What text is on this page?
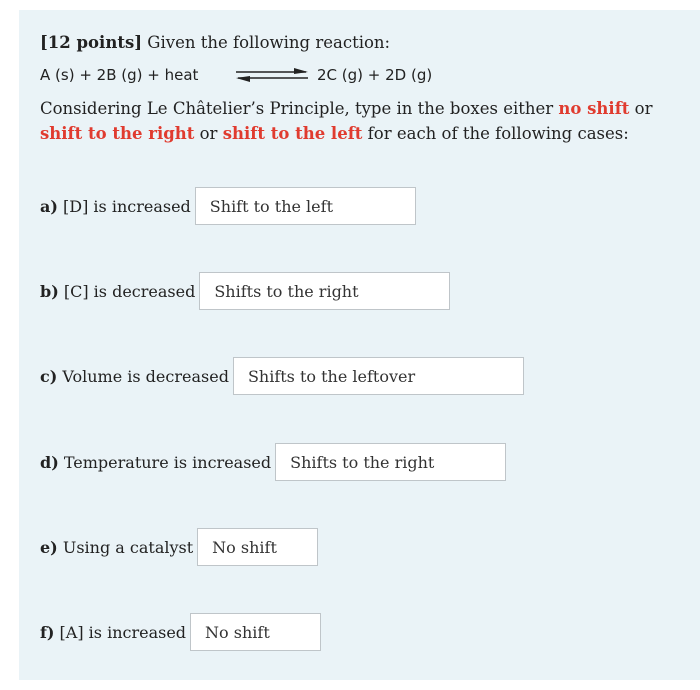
[12 points] Given the following reaction:
A (s) + 2B (g) + heat	2C (g) + 2D (g)
Considering Le Châtelier’s Principle, type in the boxes either no shift or shift to the right or shift to the left for each of the following cases:
a) [D] is increased	Shift to the left
b) [C] is decreased	Shifts to the right
c) Volume is decreased	Shifts to the leftover
d) Temperature is increased	Shifts to the right
e) Using a catalyst	No shift
f) [A] is increased	No shift
